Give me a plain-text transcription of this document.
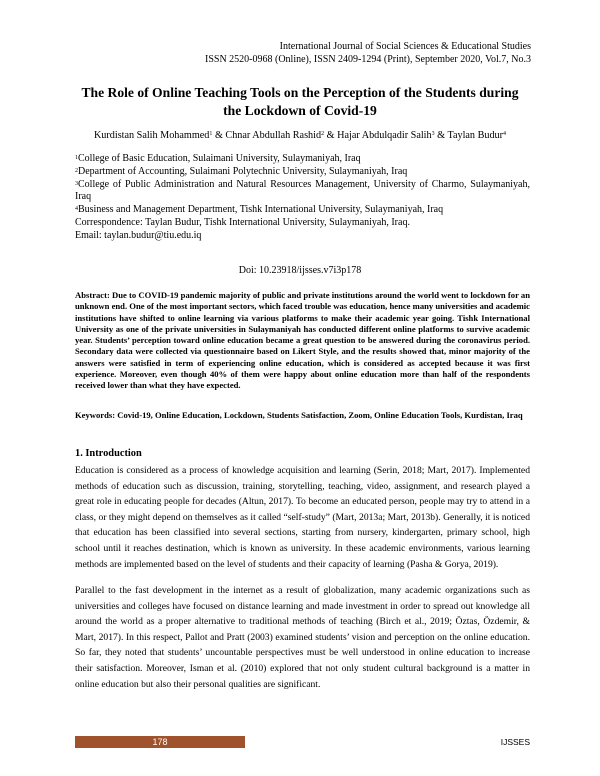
International Journal of Social Sciences & Educational Studies
ISSN 2520-0968 (Online), ISSN 2409-1294 (Print), September 2020, Vol.7, No.3
The Role of Online Teaching Tools on the Perception of the Students during
the Lockdown of Covid-19
Kurdistan Salih Mohammed$^1$ & Chnar Abdullah Rashid$^2$ & Hajar Abdulqadir Salih$^3$ & Taylan Budur$^4$
$^1$College of Basic Education, Sulaimani University, Sulaymaniyah, Iraq
$^2$Department of Accounting, Sulaimani Polytechnic University, Sulaymaniyah, Iraq
$^3$College of Public Administration and Natural Resources Management, University of Charmo, Sulaymaniyah, Iraq
$^4$Business and Management Department, Tishk International University, Sulaymaniyah, Iraq
Correspondence: Taylan Budur, Tishk International University, Sulaymaniyah, Iraq.
Email: taylan.budur@tiu.edu.iq
Doi: 10.23918/ijsses.v7i3p178
Abstract: Due to COVID-19 pandemic majority of public and private institutions around the world went to lockdown for an unknown end. One of the most important sectors, which faced trouble was education, hence many universities and academic institutions have shifted to online learning via various platforms to make their academic year going. Tishk International University as one of the private universities in Sulaymaniyah has conducted different online platforms to survive academic year. Students’ perception toward online education became a great question to be answered during the coronavirus period. Secondary data were collected via questionnaire based on Likert Style, and the results showed that, minor majority of the answers were satisfied in term of experiencing online education, which is considered as accepted because it was first experience. Moreover, even though 40% of them were happy about online education more than half of the respondents received lower than what they have expected.
Keywords: Covid-19, Online Education, Lockdown, Students Satisfaction, Zoom, Online Education Tools, Kurdistan, Iraq
1. Introduction
Education is considered as a process of knowledge acquisition and learning (Serin, 2018; Mart, 2017). Implemented methods of education such as discussion, training, storytelling, teaching, video, assignment, and research played a great role in educating people for decades (Altun, 2017). To become an educated person, people may try to attend in a class, or they might depend on themselves as it called “self-study” (Mart, 2013a; Mart, 2013b). Generally, it is noticed that education has been classified into several sections, starting from nursery, kindergarten, primary school, high school until it reaches destination, which is known as university. In these academic environments, various learning methods are implemented based on the level of students and their capacity of learning (Pasha & Gorya, 2019).
Parallel to the fast development in the internet as a result of globalization, many academic organizations such as universities and colleges have focused on distance learning and made investment in order to spread out knowledge all around the world as a proper alternative to traditional methods of teaching (Birch et al., 2019; Öztas, Özdemir, & Mart, 2017). In this respect, Pallot and Pratt (2003) examined students’ vision and perception on the online education. So far, they noted that students’ uncountable perspectives must be well understood in online education to increase their satisfaction. Moreover, Isman et al. (2010) explored that not only student cultural background is a matter in online education but also their personal qualities are significant.
178	IJSSES
